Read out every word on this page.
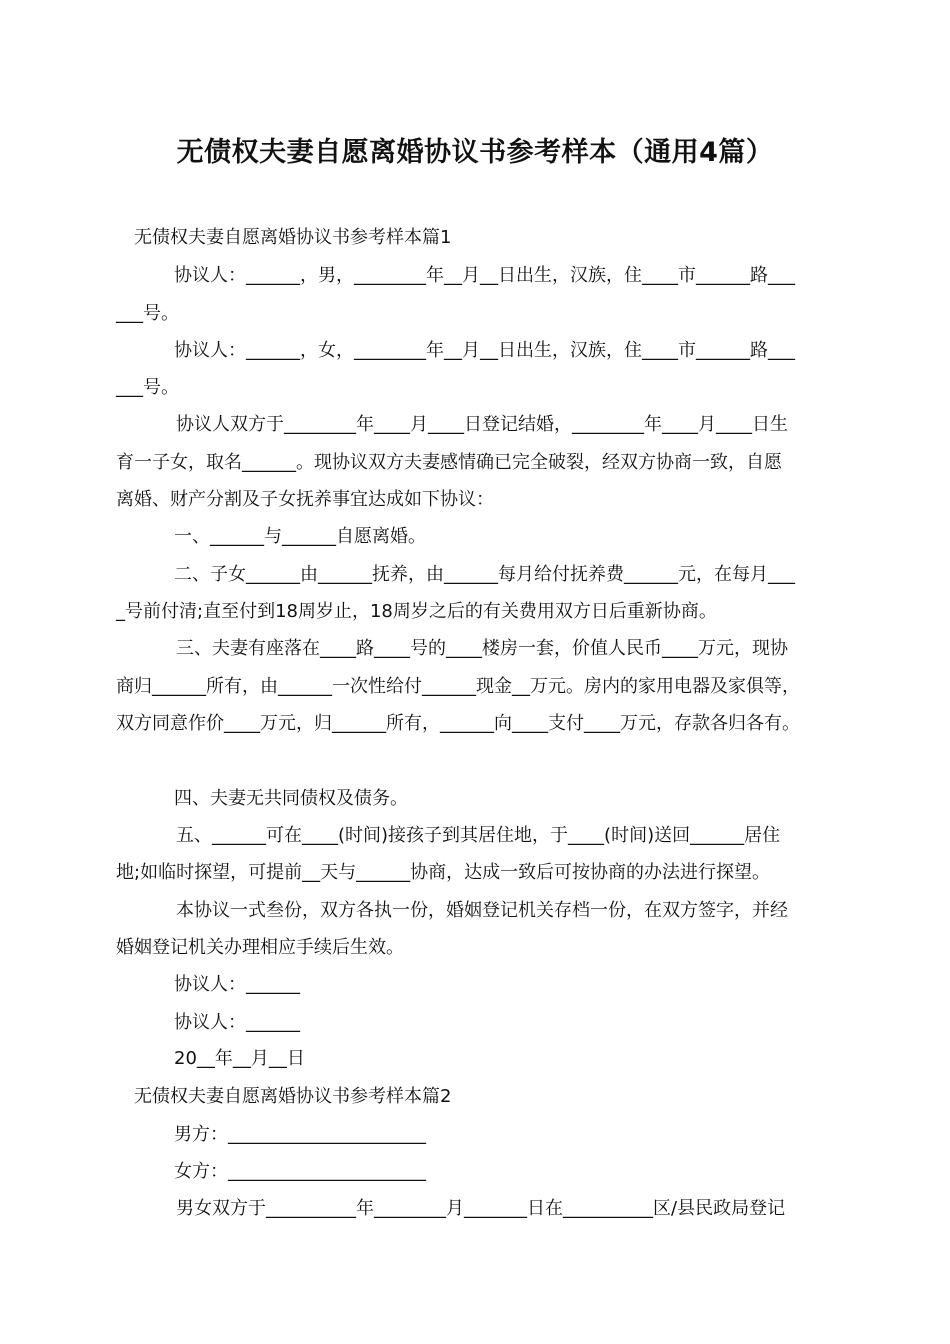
无债权夫妻自愿离婚协议书参考样本（通用4篇）
无债权夫妻自愿离婚协议书参考样本篇1
协议人：______，男，________年__月__日出生，汉族，住____市______路___
___号。
协议人：______，女，________年__月__日出生，汉族，住____市______路___
___号。
协议人双方于________年____月____日登记结婚，________年____月____日生
育一子女，取名______。现协议双方夫妻感情确已完全破裂，经双方协商一致，自愿
离婚、财产分割及子女抚养事宜达成如下协议：
一、______与______自愿离婚。
二、子女______由______抚养，由______每月给付抚养费______元，在每月___
_号前付清;直至付到18周岁止，18周岁之后的有关费用双方日后重新协商。
三、夫妻有座落在____路____号的____楼房一套，价值人民币____万元，现协
商归______所有，由______一次性给付______现金__万元。房内的家用电器及家俱等，
双方同意作价____万元，归______所有，______向____支付____万元，存款各归各有。
四、夫妻无共同债权及债务。
五、______可在____(时间)接孩子到其居住地，于____(时间)送回______居住
地;如临时探望，可提前__天与______协商，达成一致后可按协商的办法进行探望。
本协议一式叁份，双方各执一份，婚姻登记机关存档一份，在双方签字，并经
婚姻登记机关办理相应手续后生效。
协议人：______
协议人：______
20__年__月__日
无债权夫妻自愿离婚协议书参考样本篇2
男方：______________________
女方：______________________
男女双方于__________年________月_______日在__________区/县民政局登记
